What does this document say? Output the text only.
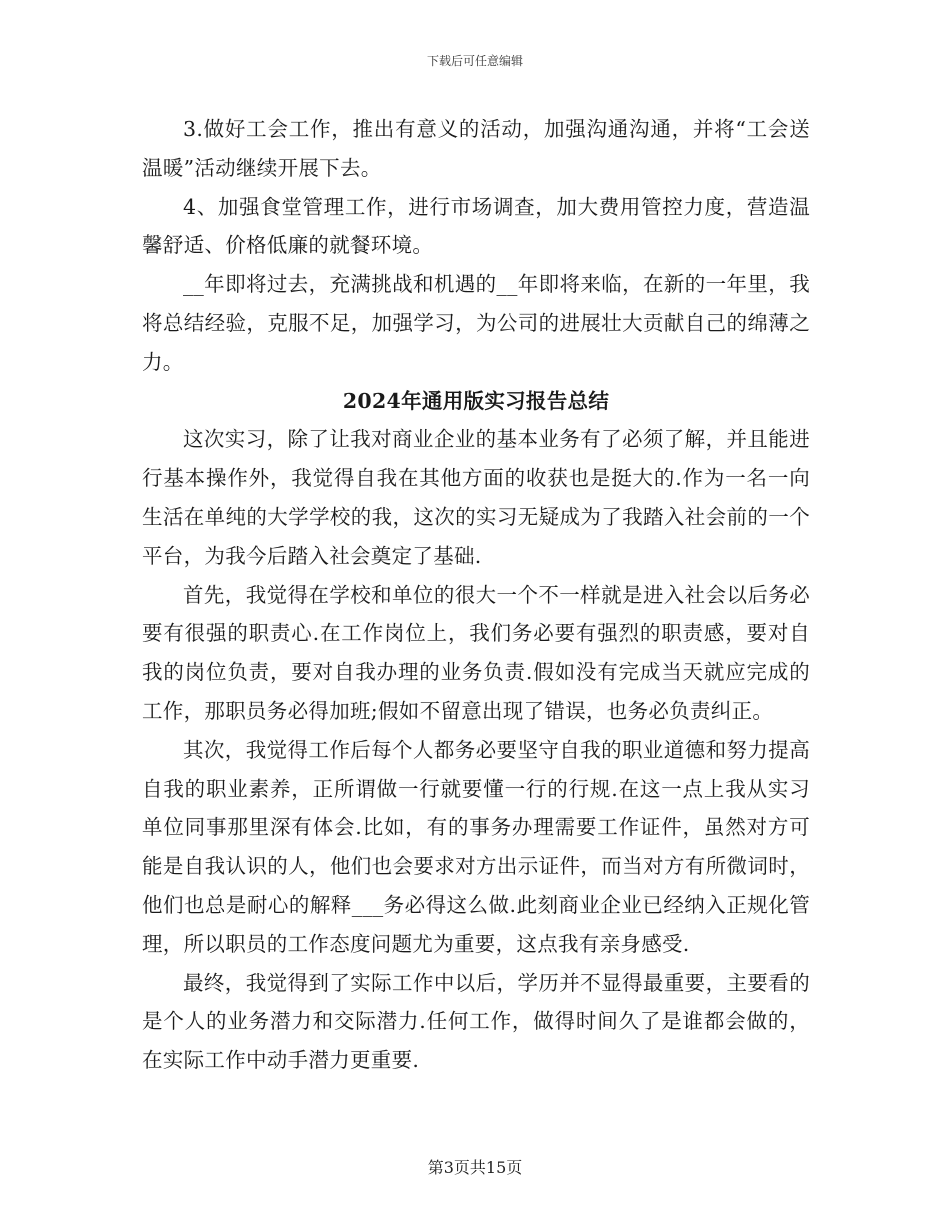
下载后可任意编辑

3.做好工会工作，推出有意义的活动，加强沟通沟通，并将“工会送温暖”活动继续开展下去。

4、加强食堂管理工作，进行市场调查，加大费用管控力度，营造温馨舒适、价格低廉的就餐环境。

__年即将过去，充满挑战和机遇的__年即将来临，在新的一年里，我将总结经验，克服不足，加强学习，为公司的进展壮大贡献自己的绵薄之力。

2024年通用版实习报告总结

这次实习，除了让我对商业企业的基本业务有了必须了解，并且能进行基本操作外，我觉得自我在其他方面的收获也是挺大的.作为一名一向生活在单纯的大学学校的我，这次的实习无疑成为了我踏入社会前的一个平台，为我今后踏入社会奠定了基础.

首先，我觉得在学校和单位的很大一个不一样就是进入社会以后务必要有很强的职责心.在工作岗位上，我们务必要有强烈的职责感，要对自我的岗位负责，要对自我办理的业务负责.假如没有完成当天就应完成的工作，那职员务必得加班;假如不留意出现了错误，也务必负责纠正。

其次，我觉得工作后每个人都务必要坚守自我的职业道德和努力提高自我的职业素养，正所谓做一行就要懂一行的行规.在这一点上我从实习单位同事那里深有体会.比如，有的事务办理需要工作证件，虽然对方可能是自我认识的人，他们也会要求对方出示证件，而当对方有所微词时，他们也总是耐心的解释___务必得这么做.此刻商业企业已经纳入正规化管理，所以职员的工作态度问题尤为重要，这点我有亲身感受.

最终，我觉得到了实际工作中以后，学历并不显得最重要，主要看的是个人的业务潜力和交际潜力.任何工作，做得时间久了是谁都会做的，在实际工作中动手潜力更重要.

第3页共15页
